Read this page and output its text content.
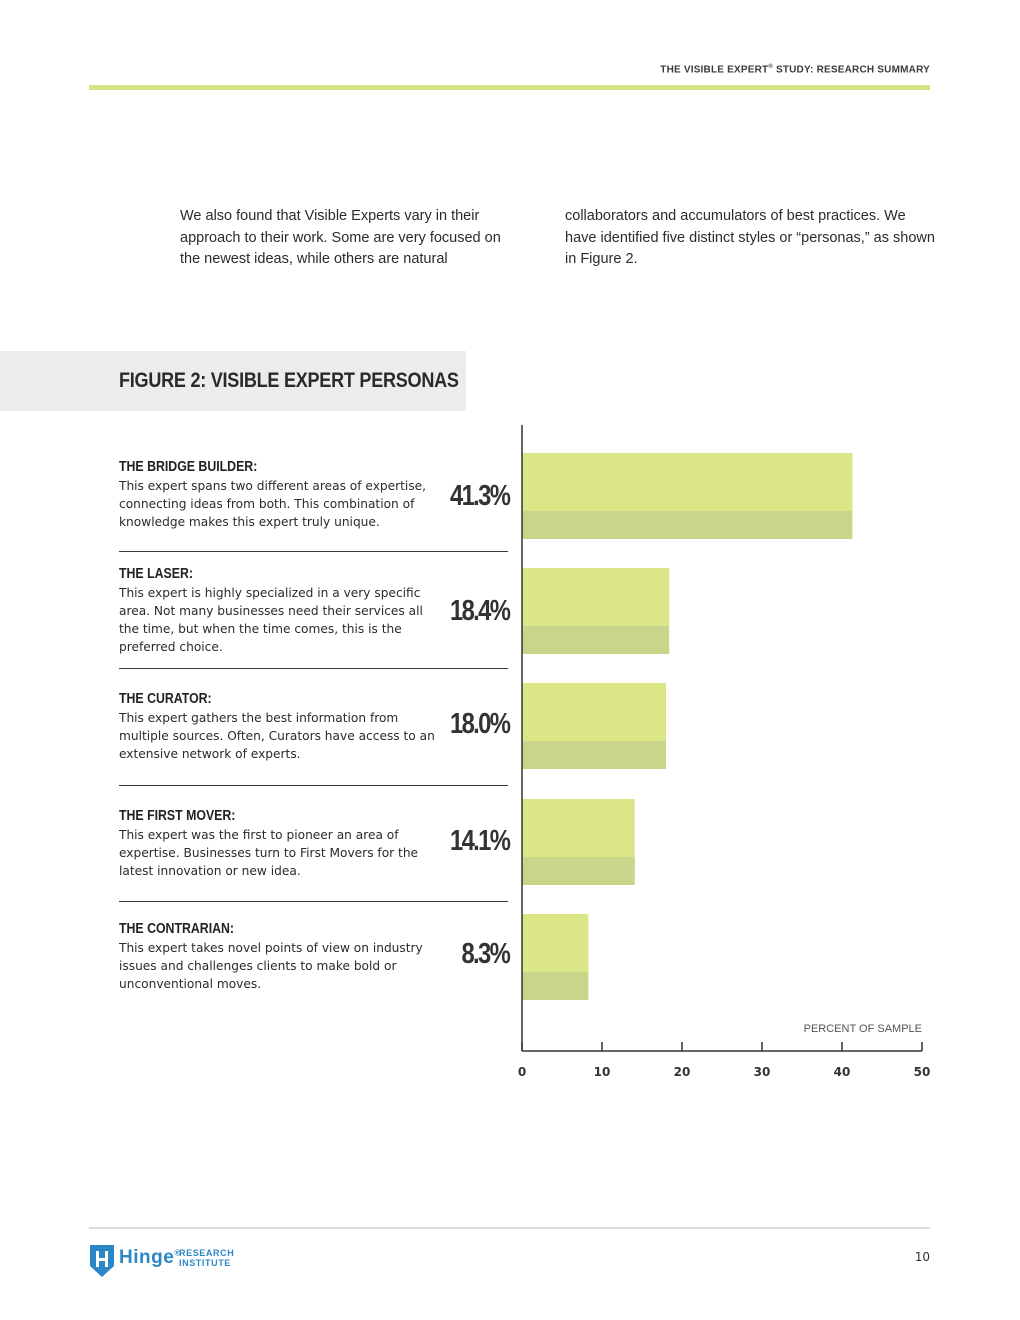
THE VISIBLE EXPERT® STUDY: RESEARCH SUMMARY
We also found that Visible Experts vary in their approach to their work. Some are very focused on the newest ideas, while others are natural
collaborators and accumulators of best practices. We have identified five distinct styles or “personas,” as shown in Figure 2.
FIGURE 2: VISIBLE EXPERT PERSONAS
THE BRIDGE BUILDER:
This expert spans two different areas of expertise, connecting ideas from both. This combination of knowledge makes this expert truly unique.
41.3%
THE LASER:
This expert is highly specialized in a very specific area. Not many businesses need their services all the time, but when the time comes, this is the preferred choice.
18.4%
THE CURATOR:
This expert gathers the best information from multiple sources. Often, Curators have access to an extensive network of experts.
18.0%
THE FIRST MOVER:
This expert was the first to pioneer an area of expertise. Businesses turn to First Movers for the latest innovation or new idea.
14.1%
THE CONTRARIAN:
This expert takes novel points of view on industry issues and challenges clients to make bold or unconventional moves.
8.3%
0	10	20	30	40	50
PERCENT OF SAMPLE
Hinge®
RESEARCH
INSTITUTE	10
